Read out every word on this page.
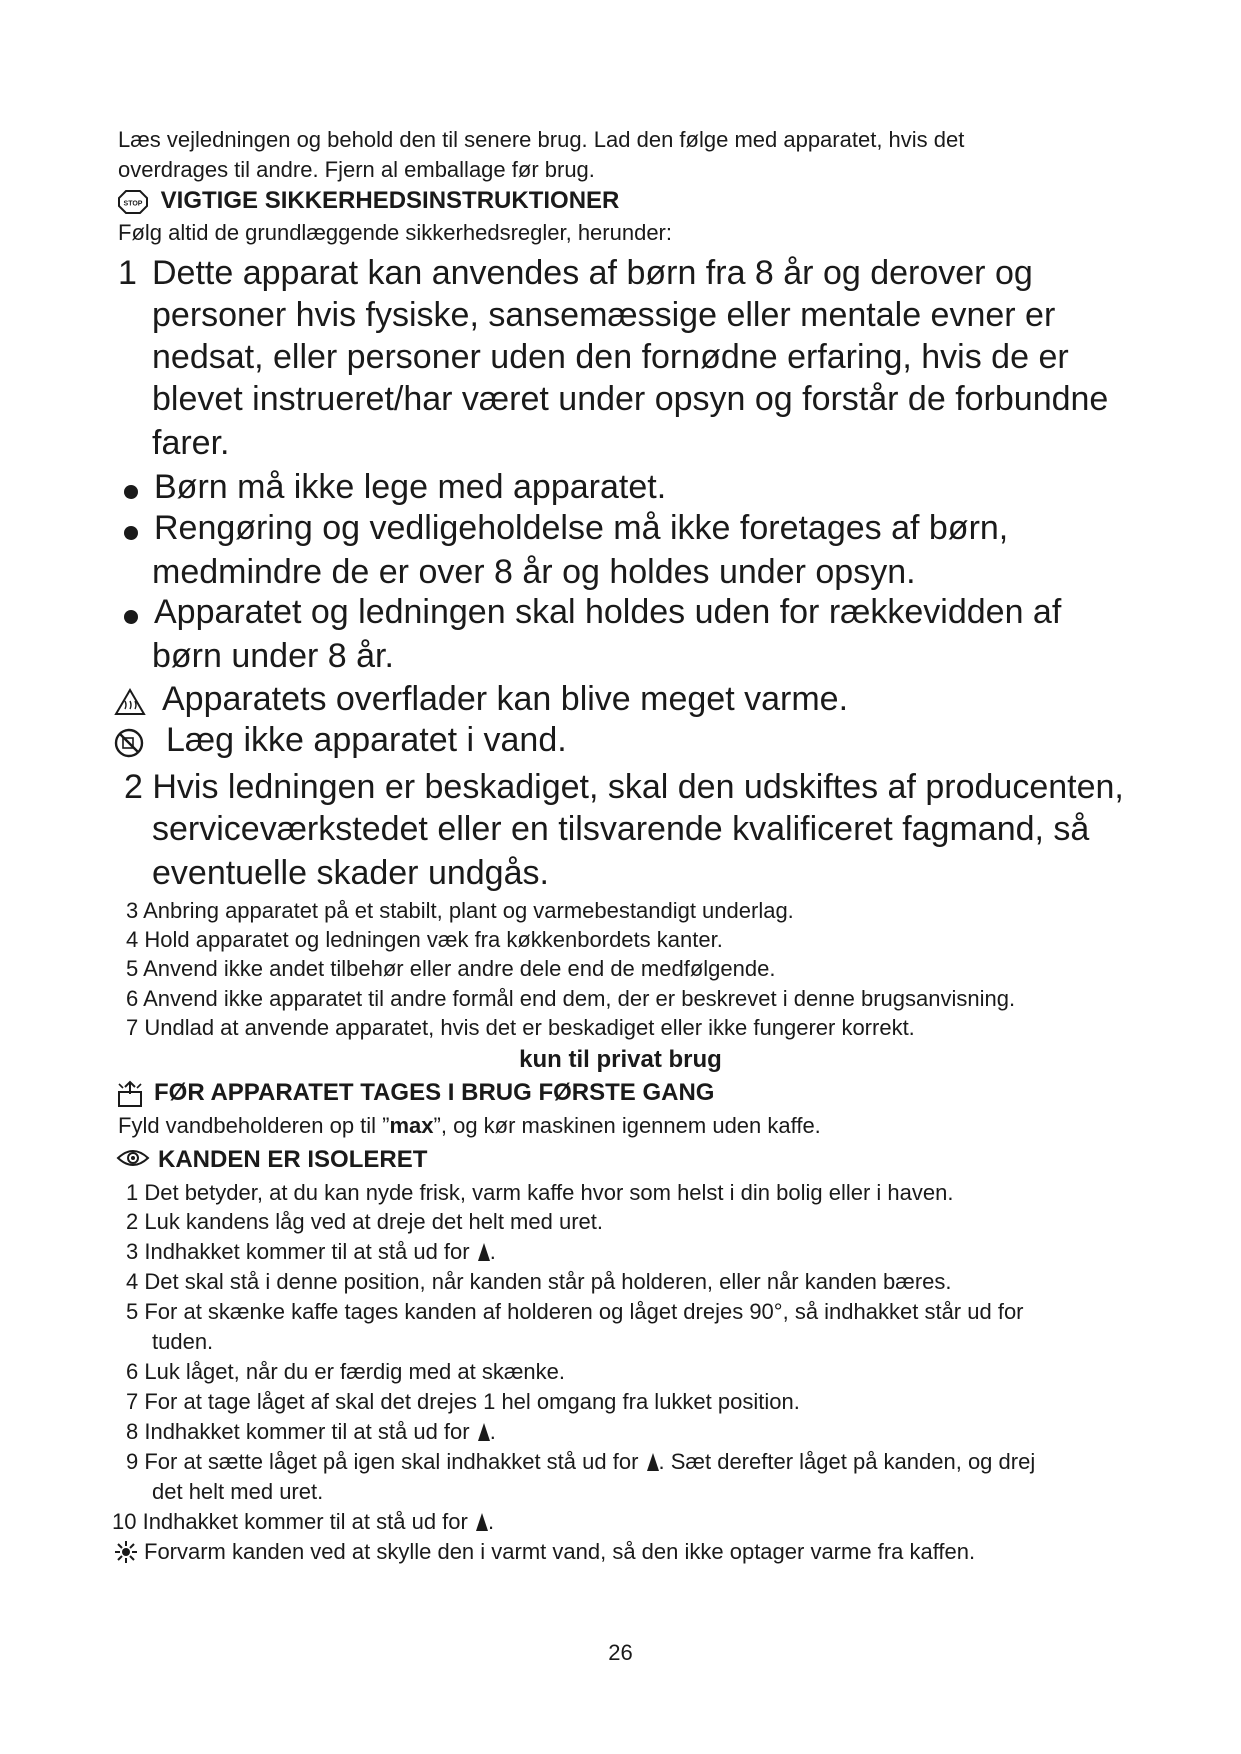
Læs vejledningen og behold den til senere brug. Lad den følge med apparatet, hvis det

overdrages til andre. Fjern al emballage før brug.

STOP VIGTIGE SIKKERHEDSINSTRUKTIONER

Følg altid de grundlæggende sikkerhedsregler, herunder:

1 Dette apparat kan anvendes af børn fra 8 år og derover og

personer hvis fysiske, sansemæssige eller mentale evner er

nedsat, eller personer uden den fornødne erfaring, hvis de er

blevet instrueret/har været under opsyn og forstår de forbundne

farer.

Børn må ikke lege med apparatet.

Rengøring og vedligeholdelse må ikke foretages af børn,

medmindre de er over 8 år og holdes under opsyn.

Apparatet og ledningen skal holdes uden for rækkevidden af

børn under 8 år.

Apparatets overflader kan blive meget varme.

Læg ikke apparatet i vand.

2 Hvis ledningen er beskadiget, skal den udskiftes af producenten,

serviceværkstedet eller en tilsvarende kvalificeret fagmand, så

eventuelle skader undgås.

3 Anbring apparatet på et stabilt, plant og varmebestandigt underlag.

4 Hold apparatet og ledningen væk fra køkkenbordets kanter.

5 Anvend ikke andet tilbehør eller andre dele end de medfølgende.

6 Anvend ikke apparatet til andre formål end dem, der er beskrevet i denne brugsanvisning.

7 Undlad at anvende apparatet, hvis det er beskadiget eller ikke fungerer korrekt.

kun til privat brug

FØR APPARATET TAGES I BRUG FØRSTE GANG

Fyld vandbeholderen op til ”max”, og kør maskinen igennem uden kaffe.

KANDEN ER ISOLERET

1 Det betyder, at du kan nyde frisk, varm kaffe hvor som helst i din bolig eller i haven.

2 Luk kandens låg ved at dreje det helt med uret.

3 Indhakket kommer til at stå ud for .

4 Det skal stå i denne position, når kanden står på holderen, eller når kanden bæres.

5 For at skænke kaffe tages kanden af holderen og låget drejes 90°, så indhakket står ud for

tuden.

6 Luk låget, når du er færdig med at skænke.

7 For at tage låget af skal det drejes 1 hel omgang fra lukket position.

8 Indhakket kommer til at stå ud for .

9 For at sætte låget på igen skal indhakket stå ud for . Sæt derefter låget på kanden, og drej

det helt med uret.

10 Indhakket kommer til at stå ud for .

Forvarm kanden ved at skylle den i varmt vand, så den ikke optager varme fra kaffen.

26
